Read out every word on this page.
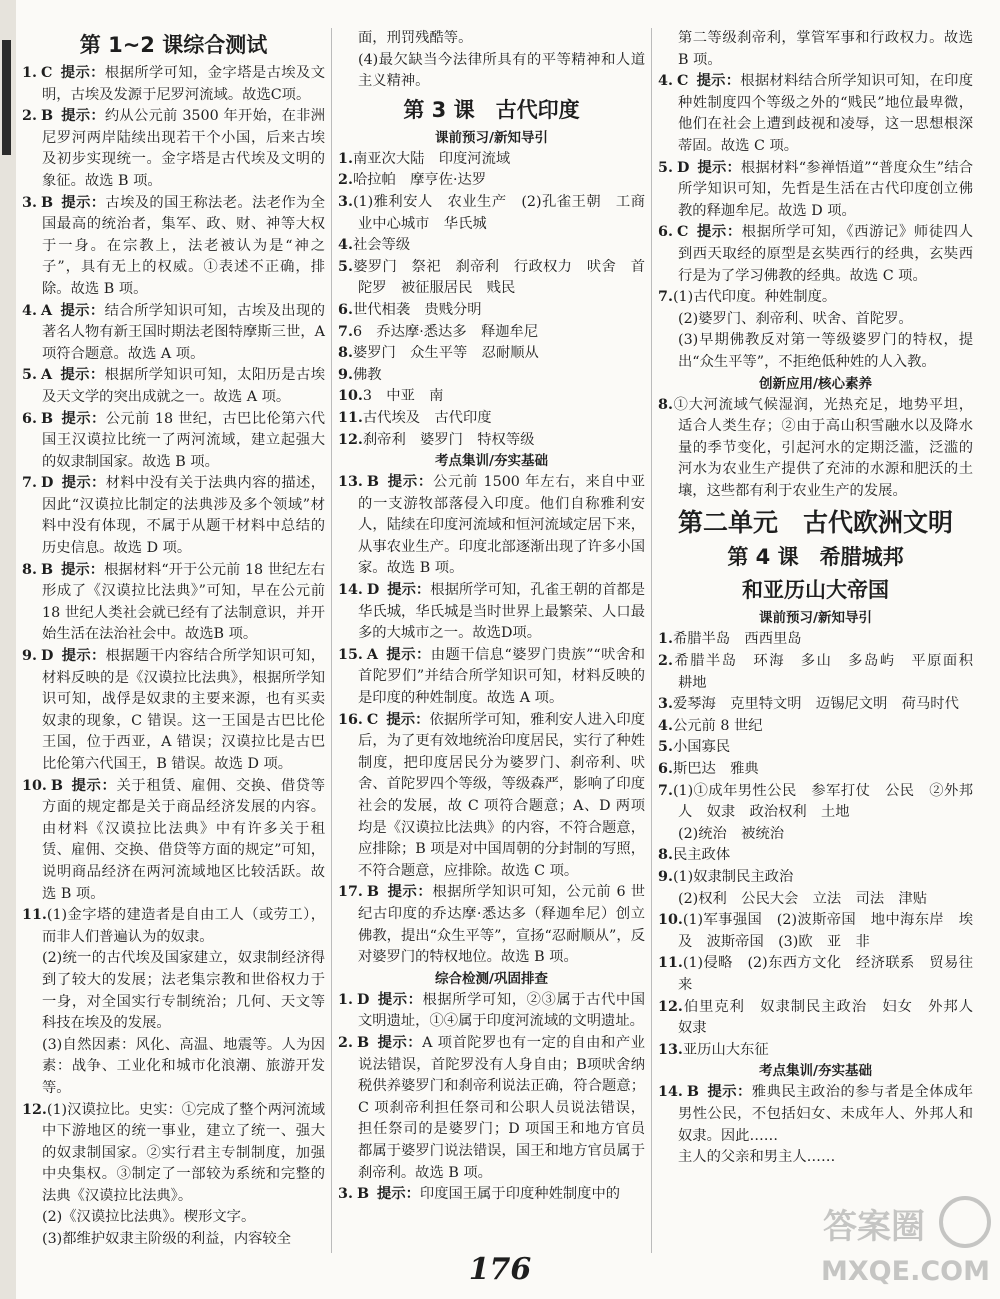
第 1~2 课综合测试
1. C 提示：根据所学可知，金字塔是古埃及文明，古埃及发源于尼罗河流域。故选C项。
2. B 提示：约从公元前 3500 年开始，在非洲尼罗河两岸陆续出现若干个小国，后来古埃及初步实现统一。金字塔是古代埃及文明的象征。故选 B 项。
3. B 提示：古埃及的国王称法老。法老作为全国最高的统治者，集军、政、财、神等大权于一身。在宗教上，法老被认为是“神之子”，具有无上的权威。①表述不正确，排除。故选 B 项。
4. A 提示：结合所学知识可知，古埃及出现的著名人物有新王国时期法老图特摩斯三世，A 项符合题意。故选 A 项。
5. A 提示：根据所学知识可知，太阳历是古埃及天文学的突出成就之一。故选 A 项。
6. B 提示：公元前 18 世纪，古巴比伦第六代国王汉谟拉比统一了两河流域，建立起强大的奴隶制国家。故选 B 项。
7. D 提示：材料中没有关于法典内容的描述，因此“汉谟拉比制定的法典涉及多个领域”材料中没有体现，不属于从题干材料中总结的历史信息。故选 D 项。
8. B 提示：根据材料“开于公元前 18 世纪左右形成了《汉谟拉比法典》”可知，早在公元前 18 世纪人类社会就已经有了法制意识，并开始生活在法治社会中。故选B 项。
9. D 提示：根据题干内容结合所学知识可知，材料反映的是《汉谟拉比法典》，根据所学知识可知，战俘是奴隶的主要来源，也有买卖奴隶的现象，C 错误。这一王国是古巴比伦王国，位于西亚，A 错误；汉谟拉比是古巴比伦第六代国王，B 错误。故选 D 项。
10. B 提示：关于租赁、雇佣、交换、借贷等方面的规定都是关于商品经济发展的内容。由材料《汉谟拉比法典》中有许多关于租赁、雇佣、交换、借贷等方面的规定”可知，说明商品经济在两河流域地区比较活跃。故选 B 项。
11.(1)金字塔的建造者是自由工人（或劳工），而非人们普遍认为的奴隶。
(2)统一的古代埃及国家建立，奴隶制经济得到了较大的发展；法老集宗教和世俗权力于一身，对全国实行专制统治；几何、天文等科技在埃及的发展。
(3)自然因素：风化、高温、地震等。人为因素：战争、工业化和城市化浪潮、旅游开发等。
12.(1)汉谟拉比。史实：①完成了整个两河流域中下游地区的统一事业，建立了统一、强大的奴隶制国家。②实行君主专制制度，加强中央集权。③制定了一部较为系统和完整的法典《汉谟拉比法典》。
(2)《汉谟拉比法典》。楔形文字。
(3)都维护奴隶主阶级的利益，内容较全
面，刑罚残酷等。
(4)最欠缺当今法律所具有的平等精神和人道主义精神。
第 3 课　古代印度
课前预习/新知导引
1.南亚次大陆　印度河流域
2.哈拉帕　摩亨佐·达罗
3.(1)雅利安人　农业生产　(2)孔雀王朝　工商业中心城市　华氏城
4.社会等级
5.婆罗门　祭祀　刹帝利　行政权力　吠舍　首陀罗　被征服居民　贱民
6.世代相袭　贵贱分明
7.6　乔达摩·悉达多　释迦牟尼
8.婆罗门　众生平等　忍耐顺从
9.佛教
10.3　中亚　南
11.古代埃及　古代印度
12.刹帝利　婆罗门　特权等级
考点集训/夯实基础
13. B 提示：公元前 1500 年左右，来自中亚的一支游牧部落侵入印度。他们自称雅利安人，陆续在印度河流域和恒河流域定居下来，从事农业生产。印度北部逐渐出现了许多小国家。故选 B 项。
14. D 提示：根据所学可知，孔雀王朝的首都是华氏城，华氏城是当时世界上最繁荣、人口最多的大城市之一。故选D项。
15. A 提示：由题干信息“婆罗门贵族”“吠舍和首陀罗们”并结合所学知识可知，材料反映的是印度的种姓制度。故选 A 项。
16. C 提示：依据所学可知，雅利安人进入印度后，为了更有效地统治印度居民，实行了种姓制度，把印度居民分为婆罗门、刹帝利、吠舍、首陀罗四个等级，等级森严，影响了印度社会的发展，故 C 项符合题意；A、D 两项均是《汉谟拉比法典》的内容，不符合题意，应排除；B 项是对中国周朝的分封制的写照，不符合题意，应排除。故选 C 项。
17. B 提示：根据所学知识可知，公元前 6 世纪古印度的乔达摩·悉达多（释迦牟尼）创立佛教，提出“众生平等”，宣扬“忍耐顺从”，反对婆罗门的特权地位。故选 B 项。
综合检测/巩固排查
1. D 提示：根据所学可知，②③属于古代中国文明遗址，①④属于印度河流域的文明遗址。
2. B 提示：A 项首陀罗也有一定的自由和产业说法错误，首陀罗没有人身自由；B项吠舍纳税供养婆罗门和刹帝利说法正确，符合题意；C 项刹帝利担任祭司和公职人员说法错误，担任祭司的是婆罗门；D 项国王和地方官员都属于婆罗门说法错误，国王和地方官员属于刹帝利。故选 B 项。
3. B 提示：印度国王属于印度种姓制度中的
第二等级刹帝利，掌管军事和行政权力。故选 B 项。
4. C 提示：根据材料结合所学知识可知，在印度种姓制度四个等级之外的“贱民”地位最卑微，他们在社会上遭到歧视和凌辱，这一思想根深蒂固。故选 C 项。
5. D 提示：根据材料“参禅悟道”“普度众生”结合所学知识可知，先哲是生活在古代印度创立佛教的释迦牟尼。故选 D 项。
6. C 提示：根据所学可知，《西游记》师徒四人到西天取经的原型是玄奘西行的经典，玄奘西行是为了学习佛教的经典。故选 C 项。
7.(1)古代印度。种姓制度。
(2)婆罗门、刹帝利、吠舍、首陀罗。
(3)早期佛教反对第一等级婆罗门的特权，提出“众生平等”，不拒绝低种姓的人入教。
创新应用/核心素养
8.①大河流域气候湿润，光热充足，地势平坦，适合人类生存；②由于高山积雪融水以及降水量的季节变化，引起河水的定期泛滥，泛滥的河水为农业生产提供了充沛的水源和肥沃的土壤，这些都有利于农业生产的发展。
第二单元　古代欧洲文明
第 4 课　希腊城邦
和亚历山大帝国
课前预习/新知导引
1.希腊半岛　西西里岛
2.希腊半岛　环海　多山　多岛屿　平原面积　耕地
3.爱琴海　克里特文明　迈锡尼文明　荷马时代
4.公元前 8 世纪
5.小国寡民
6.斯巴达　雅典
7.(1)①成年男性公民　参军打仗　公民　②外邦人　奴隶　政治权利　土地
(2)统治　被统治
8.民主政体
9.(1)奴隶制民主政治
(2)权利　公民大会　立法　司法　津贴
10.(1)军事强国　(2)波斯帝国　地中海东岸　埃及　波斯帝国　(3)欧　亚　非
11.(1)侵略　(2)东西方文化　经济联系　贸易往来
12.伯里克利　奴隶制民主政治　妇女　外邦人　奴隶
13.亚历山大东征
考点集训/夯实基础
14. B 提示：雅典民主政治的参与者是全体成年男性公民，不包括妇女、未成年人、外邦人和奴隶。因此……
主人的父亲和男主人……
176
答案圈
MXQE.COM
